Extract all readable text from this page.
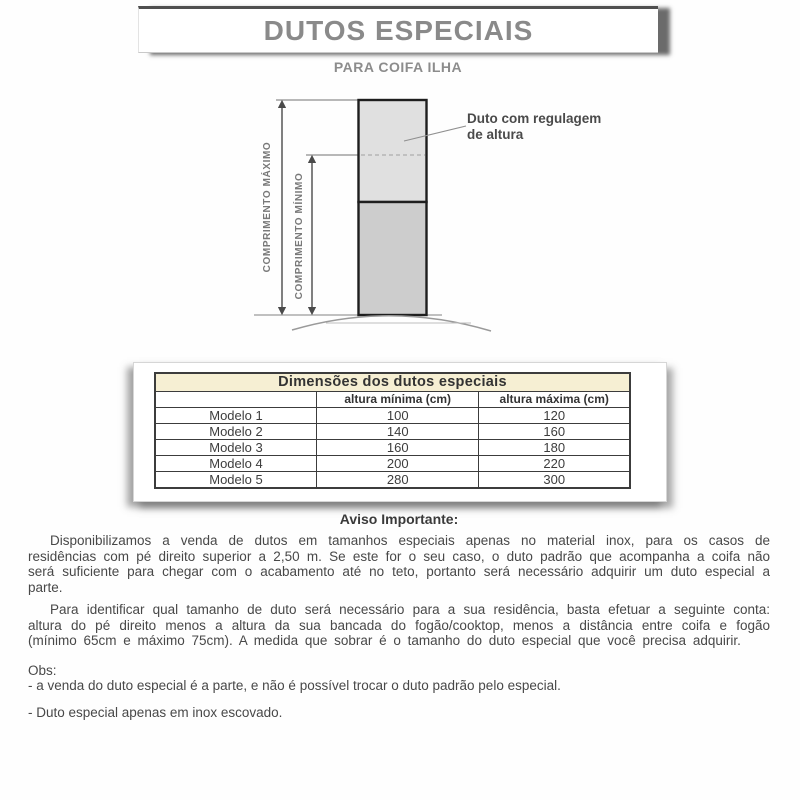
DUTOS ESPECIAIS
PARA COIFA ILHA
COMPRIMENTO MÁXIMO COMPRIMENTO MÍNIMO
Duto com regulagem de altura
Dimensões dos dutos especiais		
	altura mínima (cm)	altura máxima (cm)
Modelo 1	100	120
Modelo 2	140	160
Modelo 3	160	180
Modelo 4	200	220
Modelo 5	280	300
Aviso Importante:

Disponibilizamos a venda de dutos em tamanhos especiais apenas no material inox, para os casos de residências com pé direito superior a 2,50 m. Se este for o seu caso, o duto padrão que acompanha a coifa não será suficiente para chegar com o acabamento até no teto, portanto será necessário adquirir um duto especial a parte.

Para identificar qual tamanho de duto será necessário para a sua residência, basta efetuar a seguinte conta: altura do pé direito menos a altura da sua bancada do fogão/cooktop, menos a distância entre coifa e fogão (mínimo 65cm e máximo 75cm). A medida que sobrar é o tamanho do duto especial que você precisa adquirir.

Obs:

- a venda do duto especial é a parte, e não é possível trocar o duto padrão pelo especial.

- Duto especial apenas em inox escovado.
